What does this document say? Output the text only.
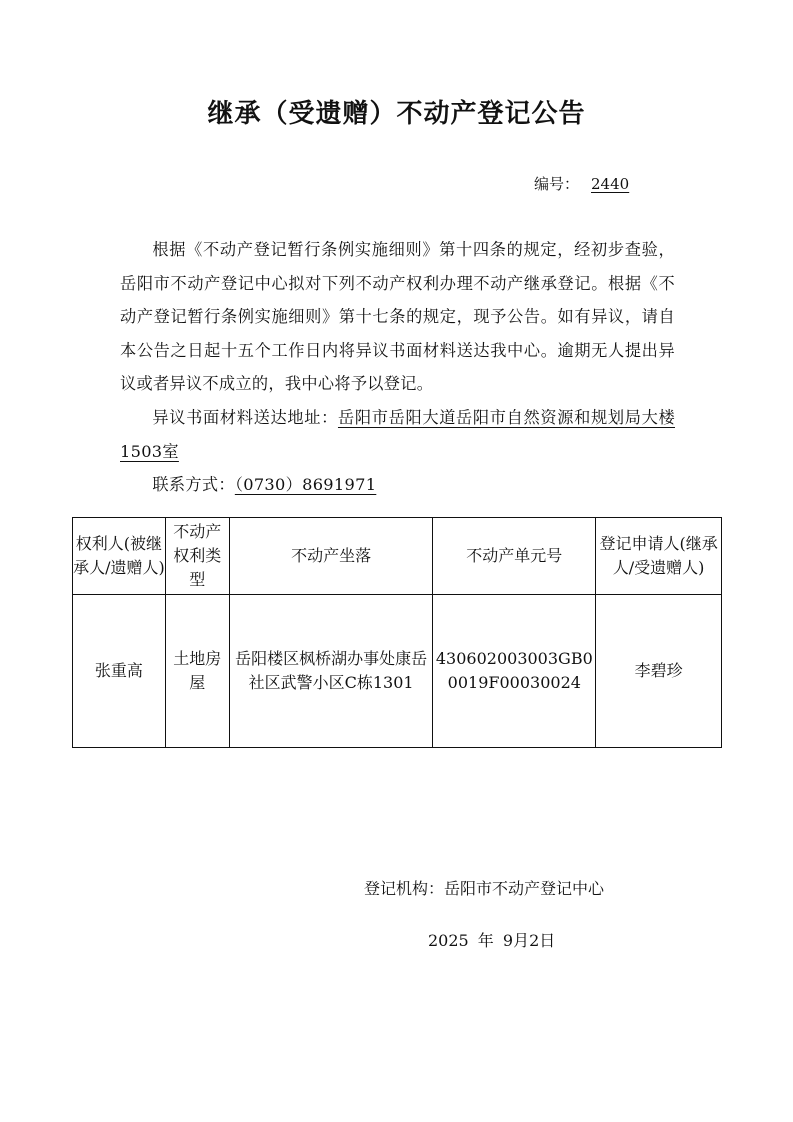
继承（受遗赠）不动产登记公告
编号： 2440

根据《不动产登记暂行条例实施细则》第十四条的规定，经初步查验，岳阳市不动产登记中心拟对下列不动产权利办理不动产继承登记。根据《不动产登记暂行条例实施细则》第十七条的规定，现予公告。如有异议，请自本公告之日起十五个工作日内将异议书面材料送达我中心。逾期无人提出异议或者异议不成立的，我中心将予以登记。

异议书面材料送达地址：岳阳市岳阳大道岳阳市自然资源和规划局大楼1503室

联系方式：（0730）8691971

权利人(被继承人/遗赠人)	不动产权利类型	不动产坐落	不动产单元号	登记申请人(继承人/受遗赠人)
张重高	土地房屋	岳阳楼区枫桥湖办事处康岳社区武警小区C栋1301	430602003003GB00019F00030024	李碧珍
登记机构：岳阳市不动产登记中心
2025 年 9月2日
